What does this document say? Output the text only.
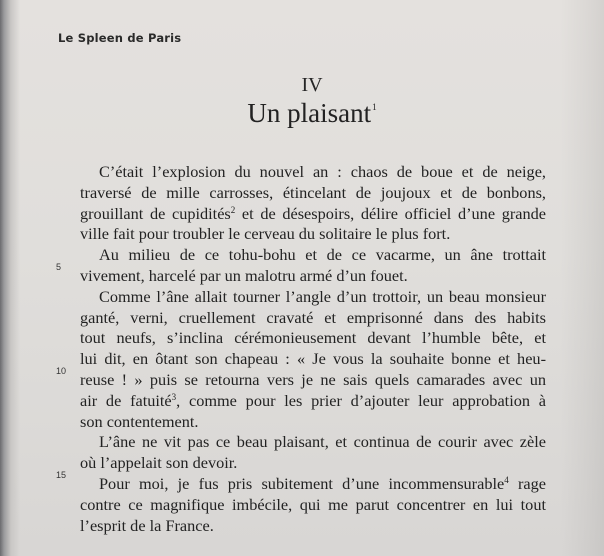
Le Spleen de Paris
IV
Un plaisant$^1$
C’était l’explosion du nouvel an : chaos de boue et de neige,
traversé de mille carrosses, étincelant de joujoux et de bonbons,
grouillant de cupidités$^2$ et de désespoirs, délire officiel d’une grande
ville fait pour troubler le cerveau du solitaire le plus fort.
Au milieu de ce tohu-bohu et de ce vacarme, un âne trottait
vivement, harcelé par un malotru armé d’un fouet.
Comme l’âne allait tourner l’angle d’un trottoir, un beau monsieur
ganté, verni, cruellement cravaté et emprisonné dans des habits
tout neufs, s’inclina cérémonieusement devant l’humble bête, et
lui dit, en ôtant son chapeau : « Je vous la souhaite bonne et heu-
reuse ! » puis se retourna vers je ne sais quels camarades avec un
air de fatuité$^3$, comme pour les prier d’ajouter leur approbation à
son contentement.
L’âne ne vit pas ce beau plaisant, et continua de courir avec zèle
où l’appelait son devoir.
Pour moi, je fus pris subitement d’une incommensurable$^4$ rage
contre ce magnifique imbécile, qui me parut concentrer en lui tout
l’esprit de la France.
5
10
15
